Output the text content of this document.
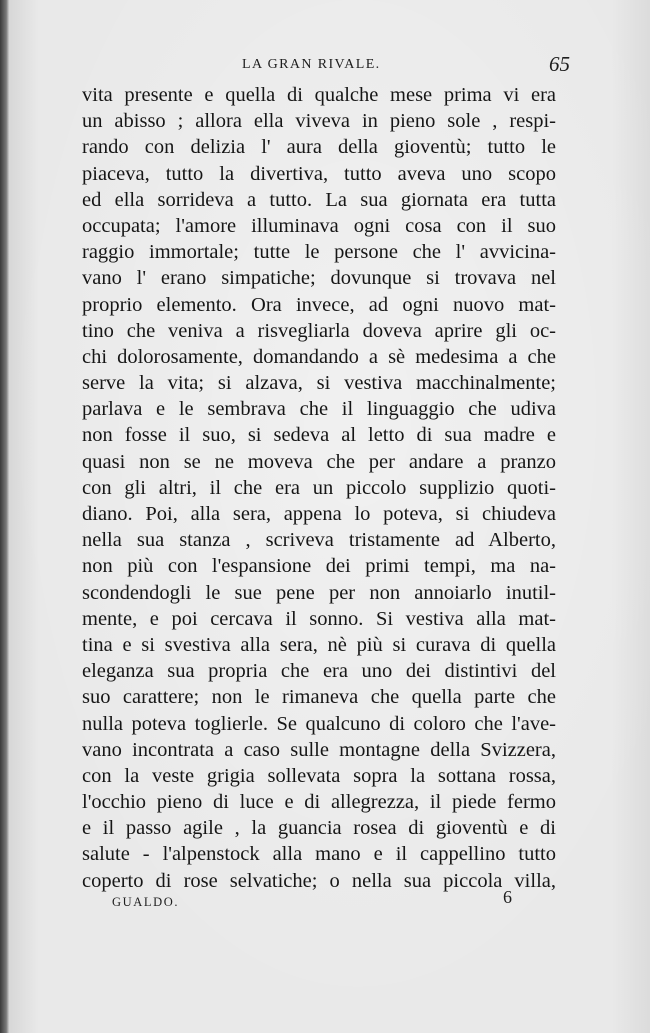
LA GRAN RIVALE.	65
vita presente e quella di qualche mese prima vi era
un abisso ; allora ella viveva in pieno sole , respi-
rando con delizia l' aura della gioventù; tutto le
piaceva, tutto la divertiva, tutto aveva uno scopo
ed ella sorrideva a tutto. La sua giornata era tutta
occupata; l'amore illuminava ogni cosa con il suo
raggio immortale; tutte le persone che l' avvicina-
vano l' erano simpatiche; dovunque si trovava nel
proprio elemento. Ora invece, ad ogni nuovo mat-
tino che veniva a risvegliarla doveva aprire gli oc-
chi dolorosamente, domandando a sè medesima a che
serve la vita; si alzava, si vestiva macchinalmente;
parlava e le sembrava che il linguaggio che udiva
non fosse il suo, si sedeva al letto di sua madre e
quasi non se ne moveva che per andare a pranzo
con gli altri, il che era un piccolo supplizio quoti-
diano. Poi, alla sera, appena lo poteva, si chiudeva
nella sua stanza , scriveva tristamente ad Alberto,
non più con l'espansione dei primi tempi, ma na-
scondendogli le sue pene per non annoiarlo inutil-
mente, e poi cercava il sonno. Si vestiva alla mat-
tina e si svestiva alla sera, nè più si curava di quella
eleganza sua propria che era uno dei distintivi del
suo carattere; non le rimaneva che quella parte che
nulla poteva toglierle. Se qualcuno di coloro che l'ave-
vano incontrata a caso sulle montagne della Svizzera,
con la veste grigia sollevata sopra la sottana rossa,
l'occhio pieno di luce e di allegrezza, il piede fermo
e il passo agile , la guancia rosea di gioventù e di
salute - l'alpenstock alla mano e il cappellino tutto
coperto di rose selvatiche; o nella sua piccola villa,
GUALDO.	6
